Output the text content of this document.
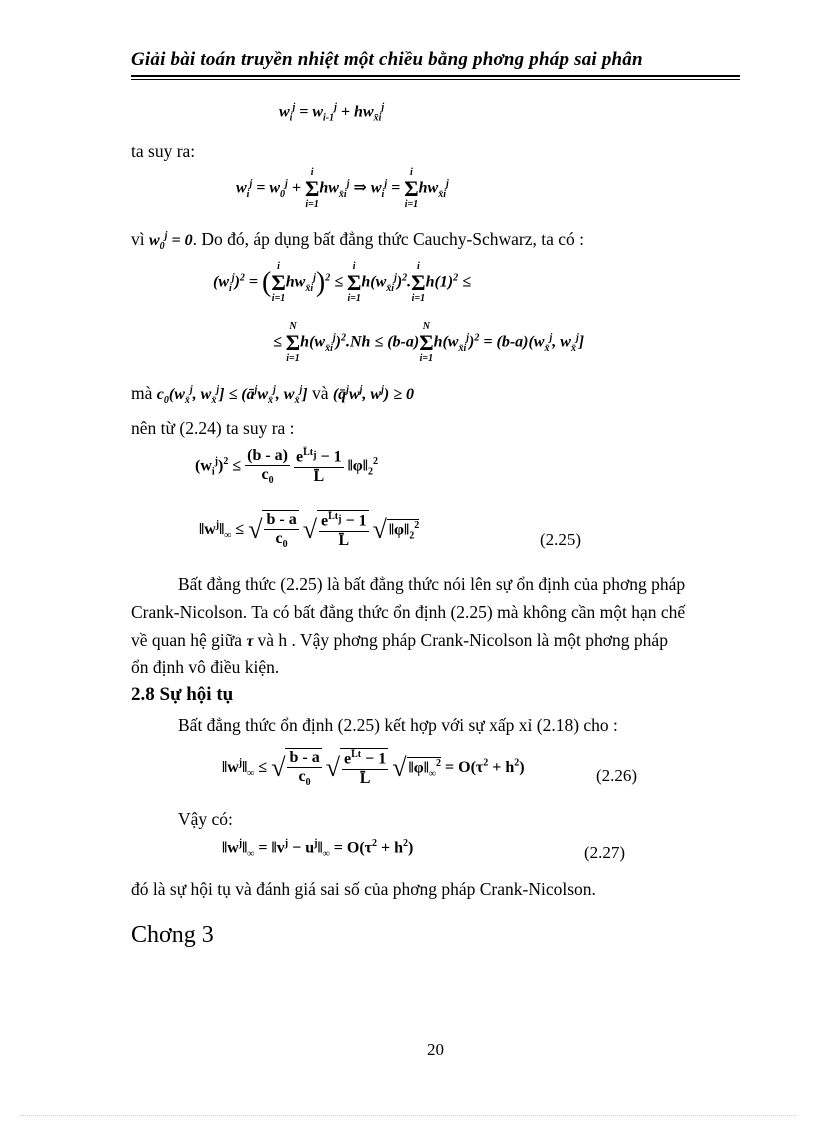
Giải bài toán truyền nhiệt một chiều bằng phơng pháp sai phân
$w_i^j = w_{i-1}^j + hw_{x̄i}^j$
ta suy ra:
$w_i^j = w_0^j + i$
Σ
$i=1hw_{x̄i}^j$ ⇒ $w_i^j = i$
Σ
$i=1hw_{x̄i}^j$
vì $w_0^j = 0$. Do đó, áp dụng bất đẳng thức Cauchy-Schwarz, ta có :
$(w_i^j)^2 = (i$
Σ
$i=1hw_{x̄i}^j)^2 \le i$
Σ
$i=1h(w_{x̄i}^j)^2.i$
Σ
$i=1h(1)^2$ ≤
≤ N
Σ
$i=1h(w_{x̄i}^j)^2.Nh \le (b-a)N$
Σ
$i=1h(w_{x̄i}^j)^2 = (b-a)(w_{x̄}^j$, $w_{x̄}^j$]
mà $c_0(w_{x̄}^j$, $w_{x̄}^j$] ≤ ($ā^jw_{x̄}^j$, $w_{x̄}^j$] và ($q̄^jw^j$, $w^j) \ge 0$
nên từ (2.24) ta suy ra :
$(w_i^j)^2 \le \frac{(b - a)}{c_0}$
$\frac{e^{L̄t_j} - 1}{L̄}$ $‖\varphi‖_2^2$
$‖w^j‖_\infty$ ≤ √ $\frac{b - a}{c_0}$ √ $\frac{e^{L̄t_j} - 1}{L̄}$ √ $‖\varphi‖_2^2$
(2.25)
Bất đẳng thức (2.25) là bất đẳng thức nói lên sự ổn định của phơng pháp
Crank-Nicolson. Ta có bất đẳng thức ổn định (2.25) mà không cần một hạn chế
về quan hệ giữa τ và h . Vậy phơng pháp Crank-Nicolson là một phơng pháp
ổn định vô điều kiện.
2.8 Sự hội tụ
Bất đẳng thức ổn định (2.25) kết hợp với sự xấp xỉ (2.18) cho :
$‖w^j‖_\infty$ ≤ √ $\frac{b - a}{c_0}$ √ $\frac{e^{L̄t} - 1}{L̄}$ √ $‖\varphi‖_\infty^2 = O(\tau^2 + h^2)$	(2.26)
Vậy có:
$‖w^j‖_\infty$ = $‖v^j$ − $u^j‖_\infty = O(\tau^2 + h^2)$	(2.27)
đó là sự hội tụ và đánh giá sai số của phơng pháp Crank-Nicolson.
Chơng 3
20
